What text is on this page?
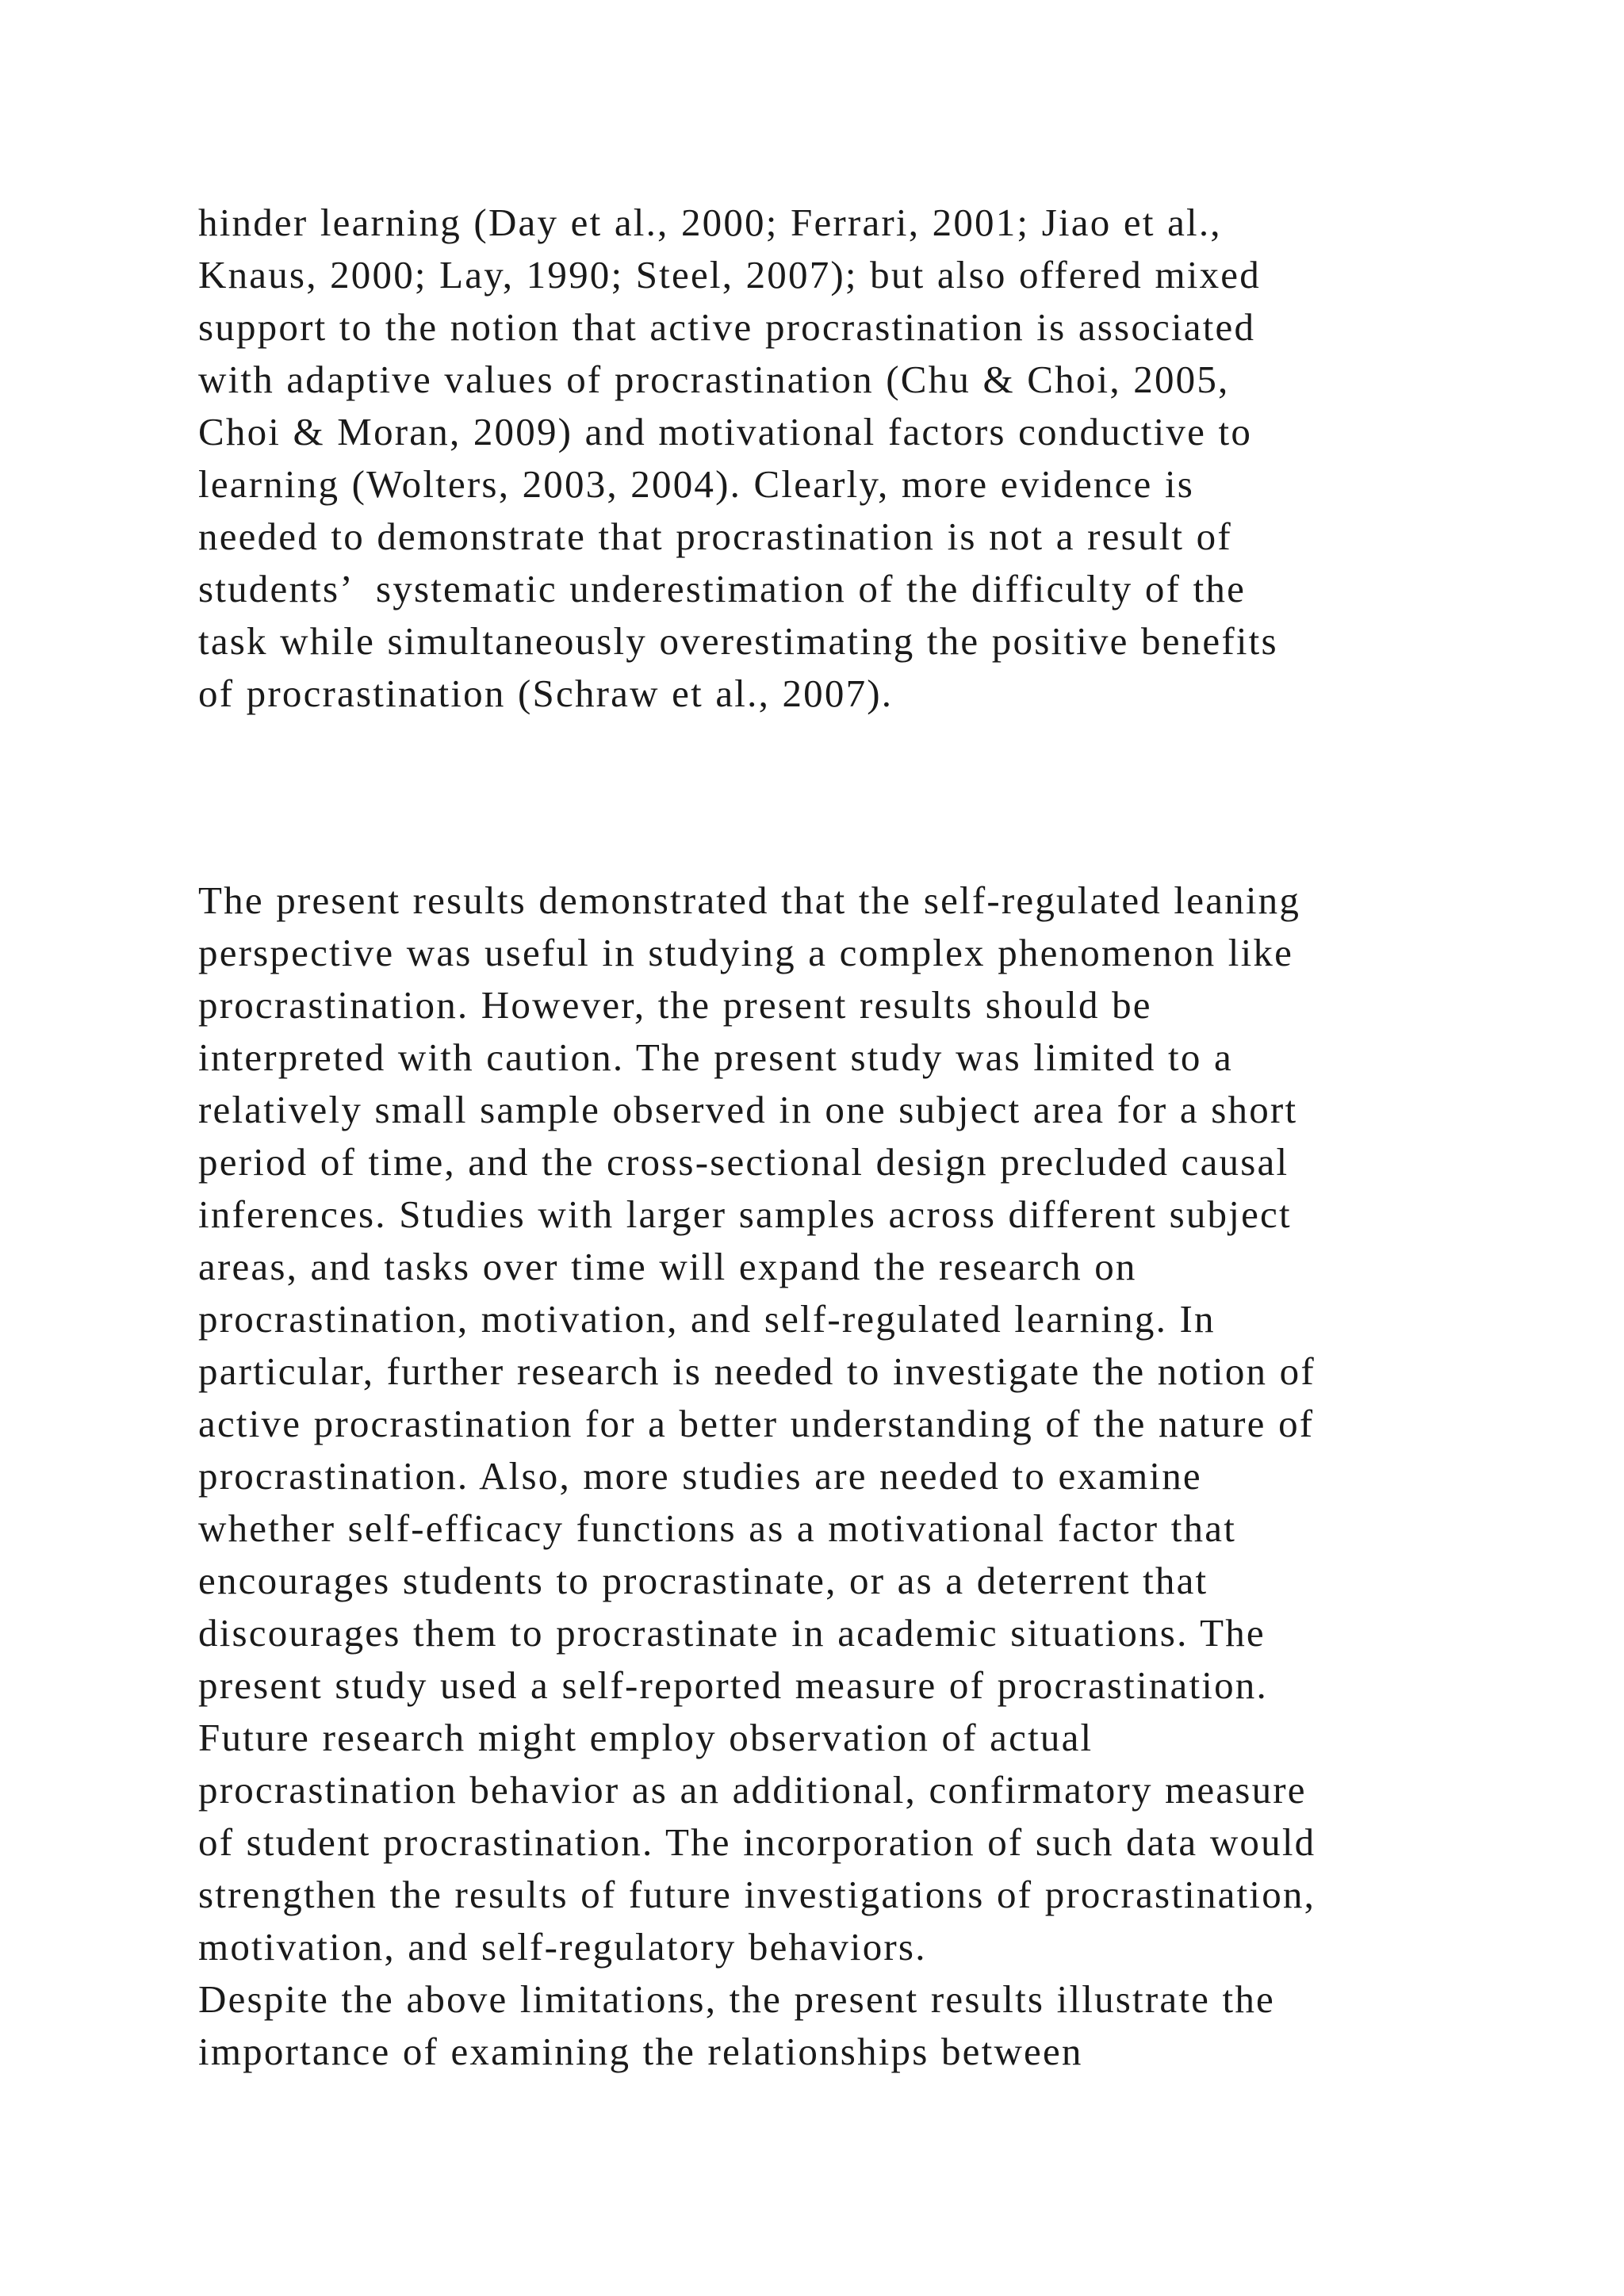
hinder learning (Day et al., 2000; Ferrari, 2001; Jiao et al.,
Knaus, 2000; Lay, 1990; Steel, 2007); but also offered mixed
support to the notion that active procrastination is associated
with adaptive values of procrastination (Chu & Choi, 2005,
Choi & Moran, 2009) and motivational factors conductive to
learning (Wolters, 2003, 2004). Clearly, more evidence is
needed to demonstrate that procrastination is not a result of
students’  systematic underestimation of the difficulty of the
task while simultaneously overestimating the positive benefits
of procrastination (Schraw et al., 2007).
The present results demonstrated that the self-regulated leaning
perspective was useful in studying a complex phenomenon like
procrastination. However, the present results should be
interpreted with caution. The present study was limited to a
relatively small sample observed in one subject area for a short
period of time, and the cross-sectional design precluded causal
inferences. Studies with larger samples across different subject
areas, and tasks over time will expand the research on
procrastination, motivation, and self-regulated learning. In
particular, further research is needed to investigate the notion of
active procrastination for a better understanding of the nature of
procrastination. Also, more studies are needed to examine
whether self-efficacy functions as a motivational factor that
encourages students to procrastinate, or as a deterrent that
discourages them to procrastinate in academic situations. The
present study used a self-reported measure of procrastination.
Future research might employ observation of actual
procrastination behavior as an additional, confirmatory measure
of student procrastination. The incorporation of such data would
strengthen the results of future investigations of procrastination,
motivation, and self-regulatory behaviors.
Despite the above limitations, the present results illustrate the
importance of examining the relationships between
